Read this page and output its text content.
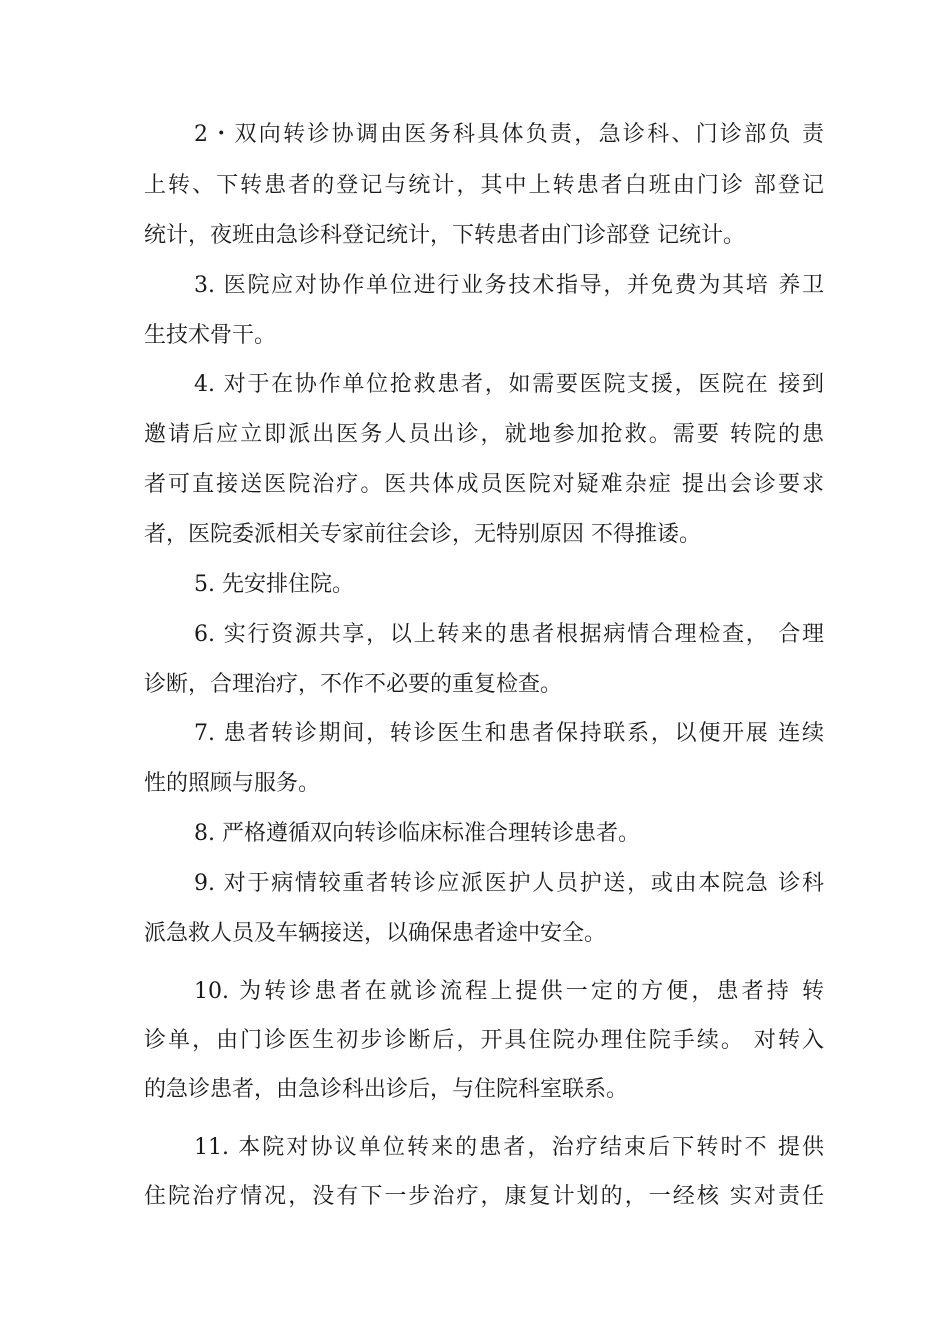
2・双向转诊协调由医务科具体负责，急诊科、门诊部负 责
上转、下转患者的登记与统计，其中上转患者白班由门诊 部登记
统计，夜班由急诊科登记统计，下转患者由门诊部登 记统计。
3. 医院应对协作单位进行业务技术指导，并免费为其培 养卫
生技术骨干。
4. 对于在协作单位抢救患者，如需要医院支援，医院在 接到
邀请后应立即派出医务人员出诊，就地参加抢救。需要 转院的患
者可直接送医院治疗。医共体成员医院对疑难杂症 提出会诊要求
者，医院委派相关专家前往会诊，无特别原因 不得推诿。
5. 先安排住院。
6. 实行资源共享，以上转来的患者根据病情合理检查， 合理
诊断，合理治疗，不作不必要的重复检查。
7. 患者转诊期间，转诊医生和患者保持联系，以便开展 连续
性的照顾与服务。
8. 严格遵循双向转诊临床标准合理转诊患者。
9. 对于病情较重者转诊应派医护人员护送，或由本院急 诊科
派急救人员及车辆接送，以确保患者途中安全。
10. 为转诊患者在就诊流程上提供一定的方便，患者持 转
诊单，由门诊医生初步诊断后，开具住院办理住院手续。 对转入
的急诊患者，由急诊科出诊后，与住院科室联系。
11. 本院对协议单位转来的患者，治疗结束后下转时不 提供
住院治疗情况，没有下一步治疗，康复计划的，一经核 实对责任
